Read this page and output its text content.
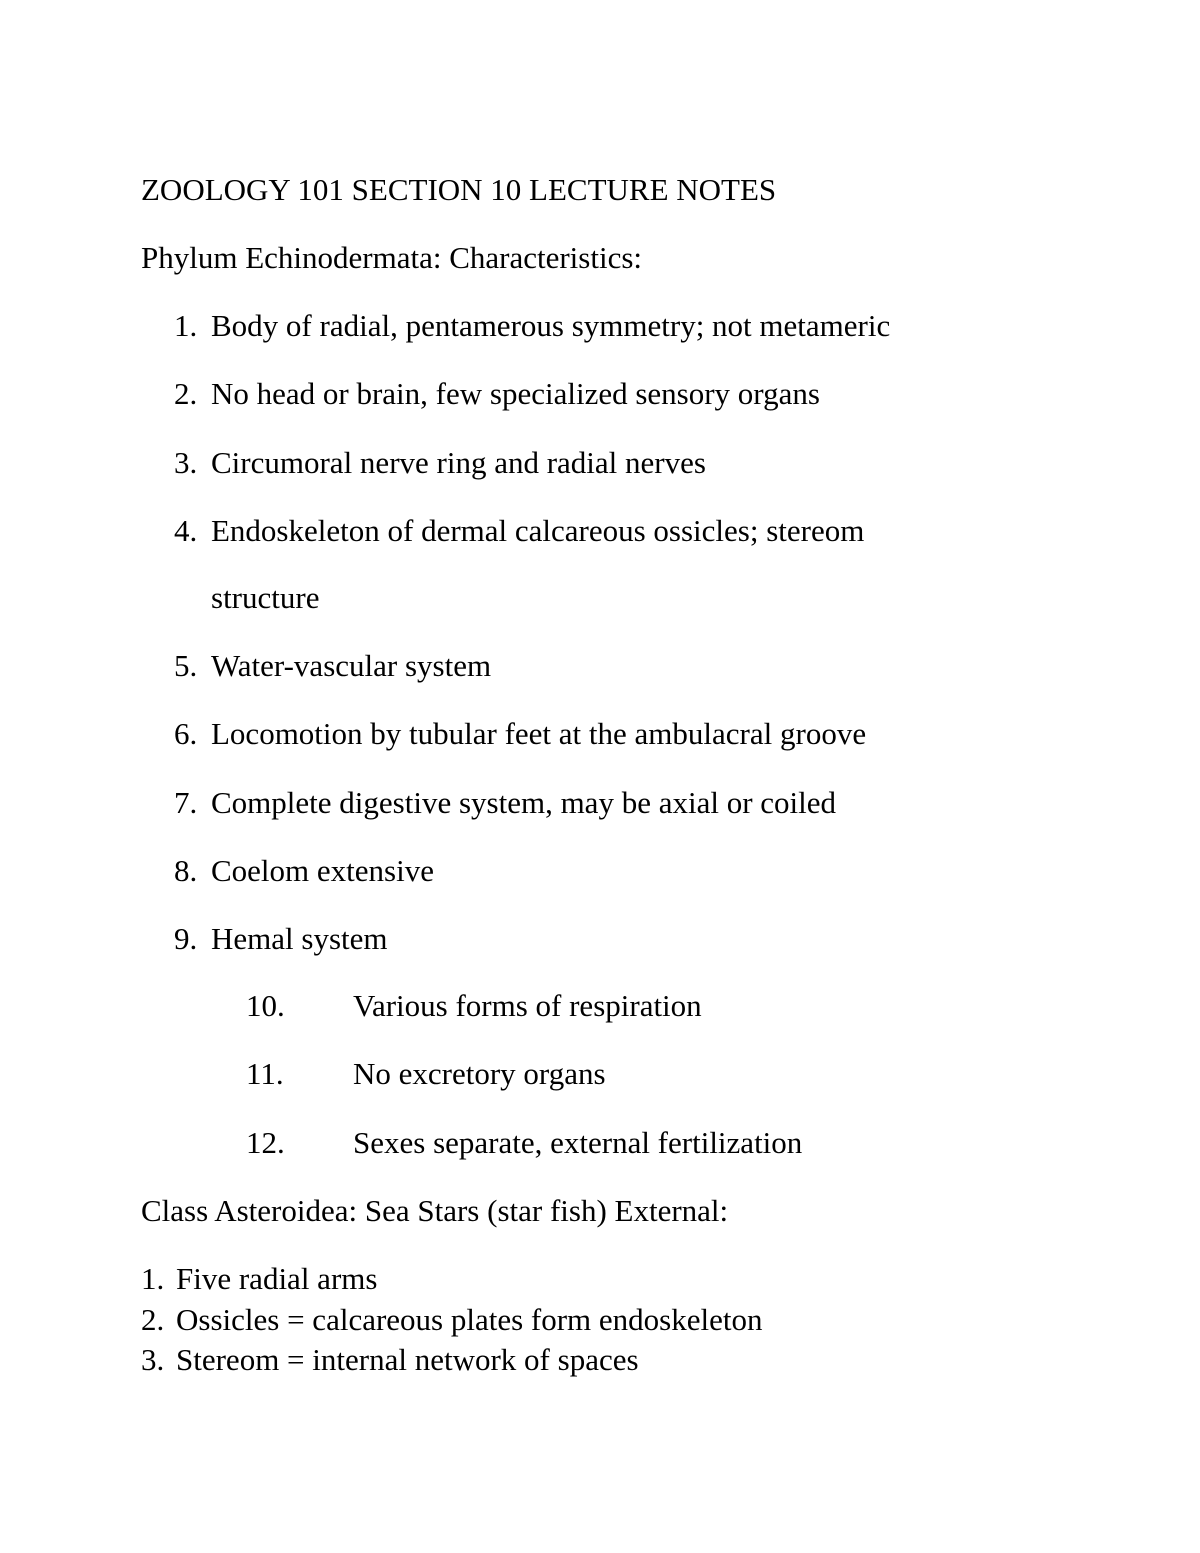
ZOOLOGY 101 SECTION 10 LECTURE NOTES
Phylum Echinodermata: Characteristics:
1. Body of radial, pentamerous symmetry; not metameric
2. No head or brain, few specialized sensory organs
3. Circumoral nerve ring and radial nerves
4. Endoskeleton of dermal calcareous ossicles; stereom
structure
5. Water-vascular system
6. Locomotion by tubular feet at the ambulacral groove
7. Complete digestive system, may be axial or coiled
8. Coelom extensive
9. Hemal system
10. Various forms of respiration
11. No excretory organs
12. Sexes separate, external fertilization
Class Asteroidea: Sea Stars (star fish) External:
1. Five radial arms
2. Ossicles = calcareous plates form endoskeleton
3. Stereom = internal network of spaces
